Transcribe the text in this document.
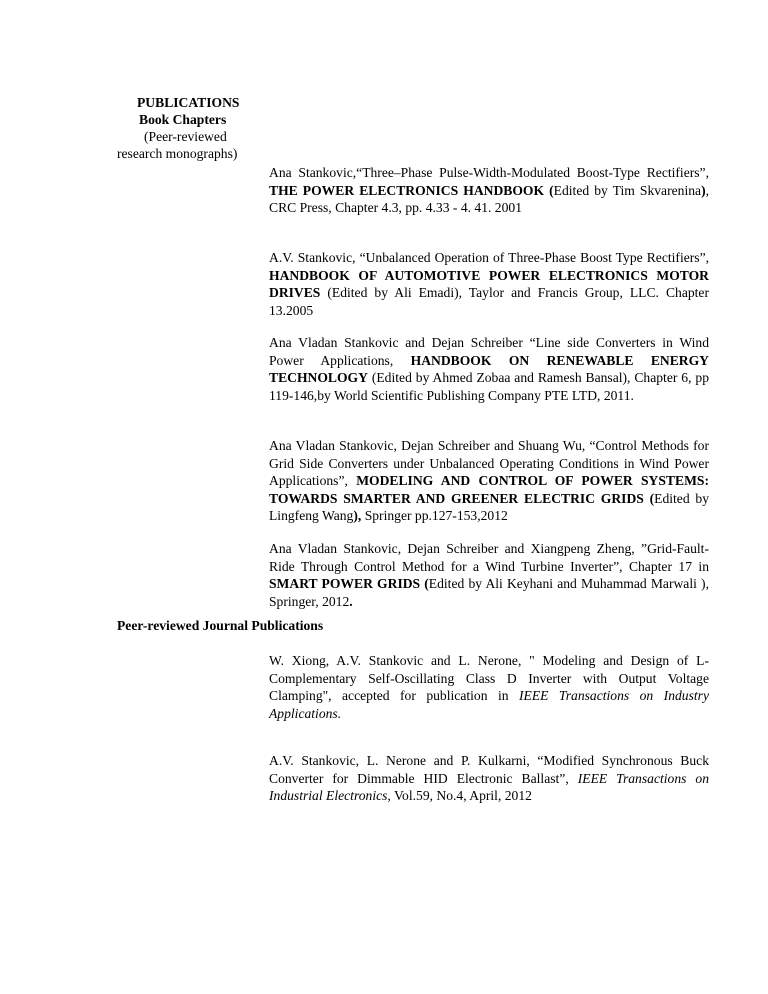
PUBLICATIONS
Book Chapters
(Peer-reviewed
research monographs)
Ana Stankovic,“Three–Phase Pulse-Width-Modulated Boost-Type Rectifiers”, THE POWER ELECTRONICS HANDBOOK (Edited by Tim Skvarenina), CRC Press, Chapter 4.3, pp. 4.33 - 4. 41. 2001
A.V. Stankovic, “Unbalanced Operation of Three-Phase Boost Type Rectifiers”, HANDBOOK OF AUTOMOTIVE POWER ELECTRONICS MOTOR DRIVES (Edited by Ali Emadi), Taylor and Francis Group, LLC. Chapter 13.2005
Ana Vladan Stankovic and Dejan Schreiber “Line side Converters in Wind Power Applications, HANDBOOK ON RENEWABLE ENERGY TECHNOLOGY (Edited by Ahmed Zobaa and Ramesh Bansal), Chapter 6, pp 119-146,by World Scientific Publishing Company PTE LTD, 2011.
Ana Vladan Stankovic, Dejan Schreiber and Shuang Wu, “Control Methods for Grid Side Converters under Unbalanced Operating Conditions in Wind Power Applications”, MODELING AND CONTROL OF POWER SYSTEMS: TOWARDS SMARTER AND GREENER ELECTRIC GRIDS (Edited by Lingfeng Wang), Springer pp.127-153,2012
Ana Vladan Stankovic, Dejan Schreiber and Xiangpeng Zheng, ”Grid-Fault-Ride Through Control Method for a Wind Turbine Inverter”, Chapter 17 in SMART POWER GRIDS (Edited by Ali Keyhani and Muhammad Marwali ), Springer, 2012.
Peer-reviewed Journal Publications
W. Xiong, A.V. Stankovic and L. Nerone, " Modeling and Design of L-Complementary Self-Oscillating Class D Inverter with Output Voltage Clamping", accepted for publication in IEEE Transactions on Industry Applications.
A.V. Stankovic, L. Nerone and P. Kulkarni, “Modified Synchronous Buck Converter for Dimmable HID Electronic Ballast”, IEEE Transactions on Industrial Electronics, Vol.59, No.4, April, 2012
